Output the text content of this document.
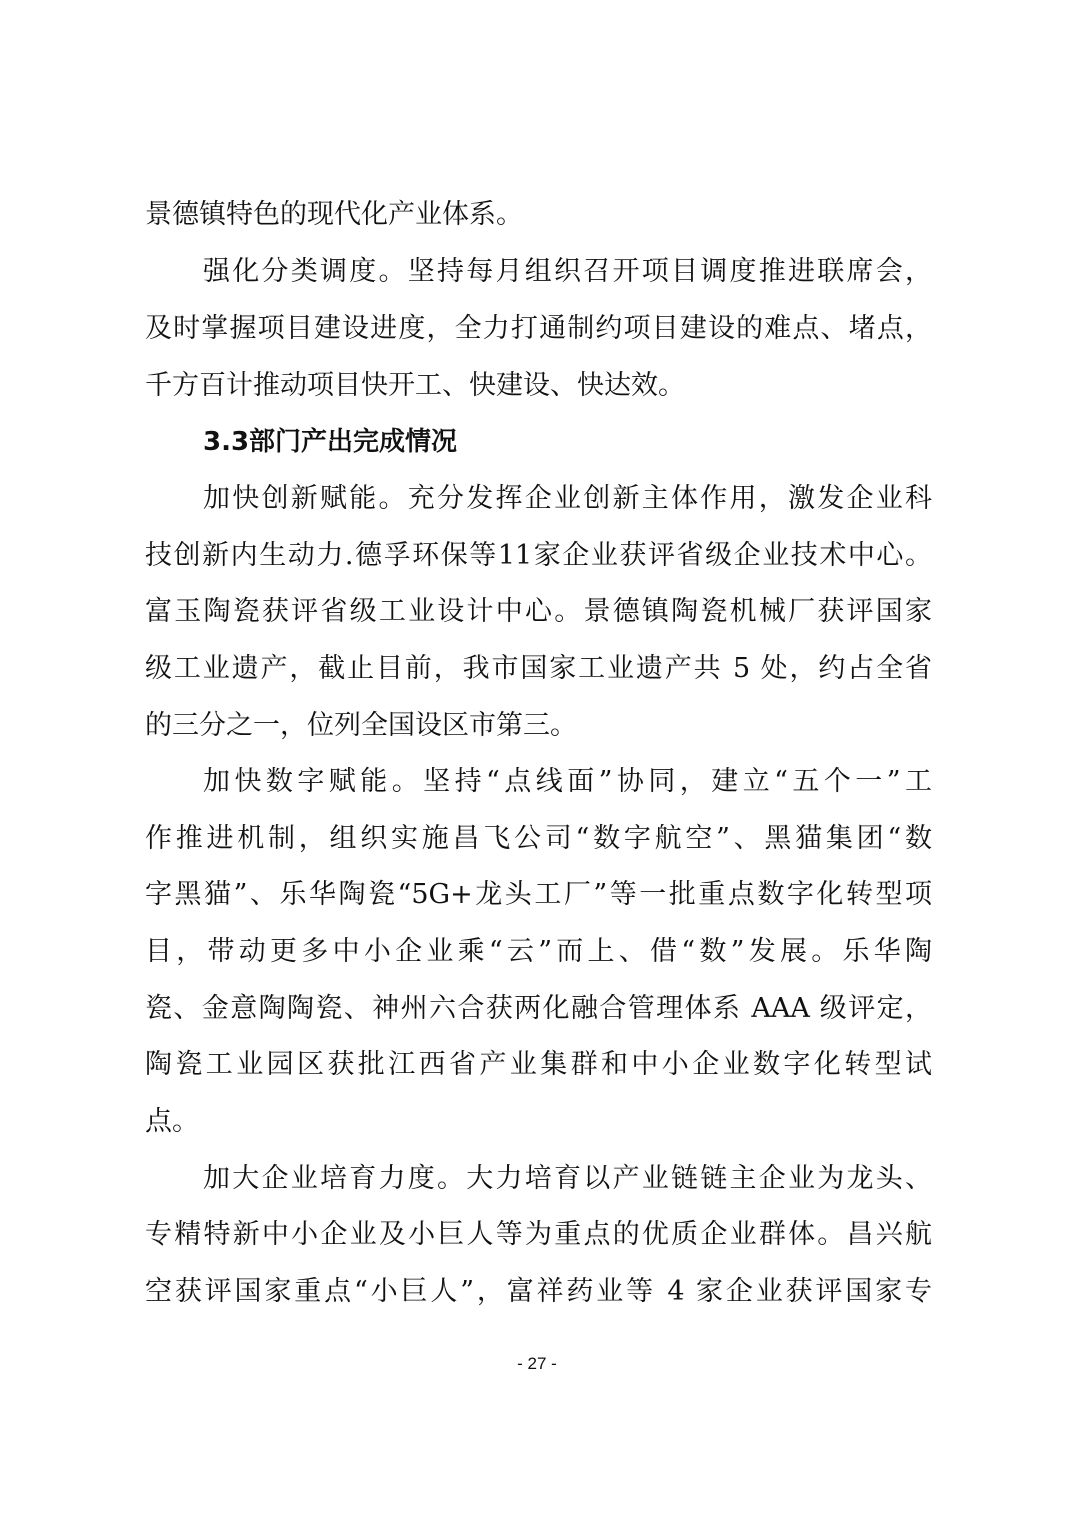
景德镇特色的现代化产业体系。
强化分类调度。坚持每月组织召开项目调度推进联席会，
及时掌握项目建设进度，全力打通制约项目建设的难点、堵点，
千方百计推动项目快开工、快建设、快达效。
3.3部门产出完成情况
加快创新赋能。充分发挥企业创新主体作用，激发企业科
技创新内生动力.德孚环保等11家企业获评省级企业技术中心。
富玉陶瓷获评省级工业设计中心。景德镇陶瓷机械厂获评国家
级工业遗产，截止目前，我市国家工业遗产共 5 处，约占全省
的三分之一，位列全国设区市第三。
加快数字赋能。坚持“点线面”协同，建立“五个一”工
作推进机制，组织实施昌飞公司“数字航空”、黑猫集团“数
字黑猫”、乐华陶瓷“5G+龙头工厂”等一批重点数字化转型项
目，带动更多中小企业乘“云”而上、借“数”发展。乐华陶
瓷、金意陶陶瓷、神州六合获两化融合管理体系 AAA 级评定，
陶瓷工业园区获批江西省产业集群和中小企业数字化转型试
点。
加大企业培育力度。大力培育以产业链链主企业为龙头、
专精特新中小企业及小巨人等为重点的优质企业群体。昌兴航
空获评国家重点“小巨人”，富祥药业等 4 家企业获评国家专
- 27 -
